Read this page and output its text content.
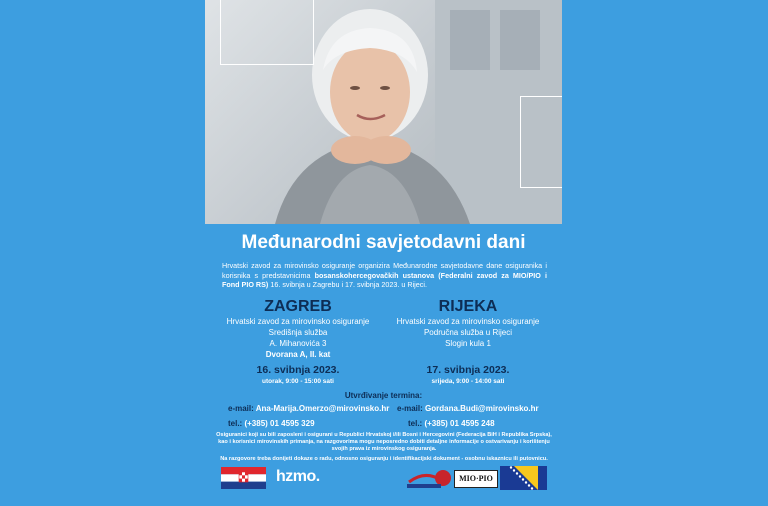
Međunarodni savjetodavni dani
Hrvatski zavod za mirovinsko osiguranje organizira Međunarodne savjetodavne dane osiguranika i korisnika s predstavnicima bosanskohercegovačkih ustanova (Federalni zavod za MIO/PIO i Fond PIO RS) 16. svibnja u Zagrebu i 17. svibnja 2023. u Rijeci.
ZAGREB
Hrvatski zavod za mirovinsko osiguranje
Središnja služba
A. Mihanovića 3
Dvorana A, II. kat
16. svibnja 2023.
utorak, 9:00 - 15:00 sati
RIJEKA
Hrvatski zavod za mirovinsko osiguranje
Područna služba u Rijeci
Slogin kula 1
17. svibnja 2023.
srijeda, 9:00 - 14:00 sati
Utvrđivanje termina:
e-mail: Ana-Marija.Omerzo@mirovinsko.hr
tel.: (+385) 01 4595 329
e-mail: Gordana.Budi@mirovinsko.hr
tel.: (+385) 01 4595 248
Osiguranici koji su bili zaposleni i osigurani u Republici Hrvatskoj i/ili Bosni i Hercegovini (Federacija BiH i Republika Srpska), kao i korisnici mirovinskih primanja, na razgovorima mogu neposredno dobiti detaljne informacije o ostvarivanju i korištenju svojih prava iz mirovinskog osiguranja.
Na razgovore treba donijeti dokaze o radu, odnosno osiguranju i identifikacijski dokument - osobnu iskaznicu ili putovnicu.
hzmo.	MIO·PIO
